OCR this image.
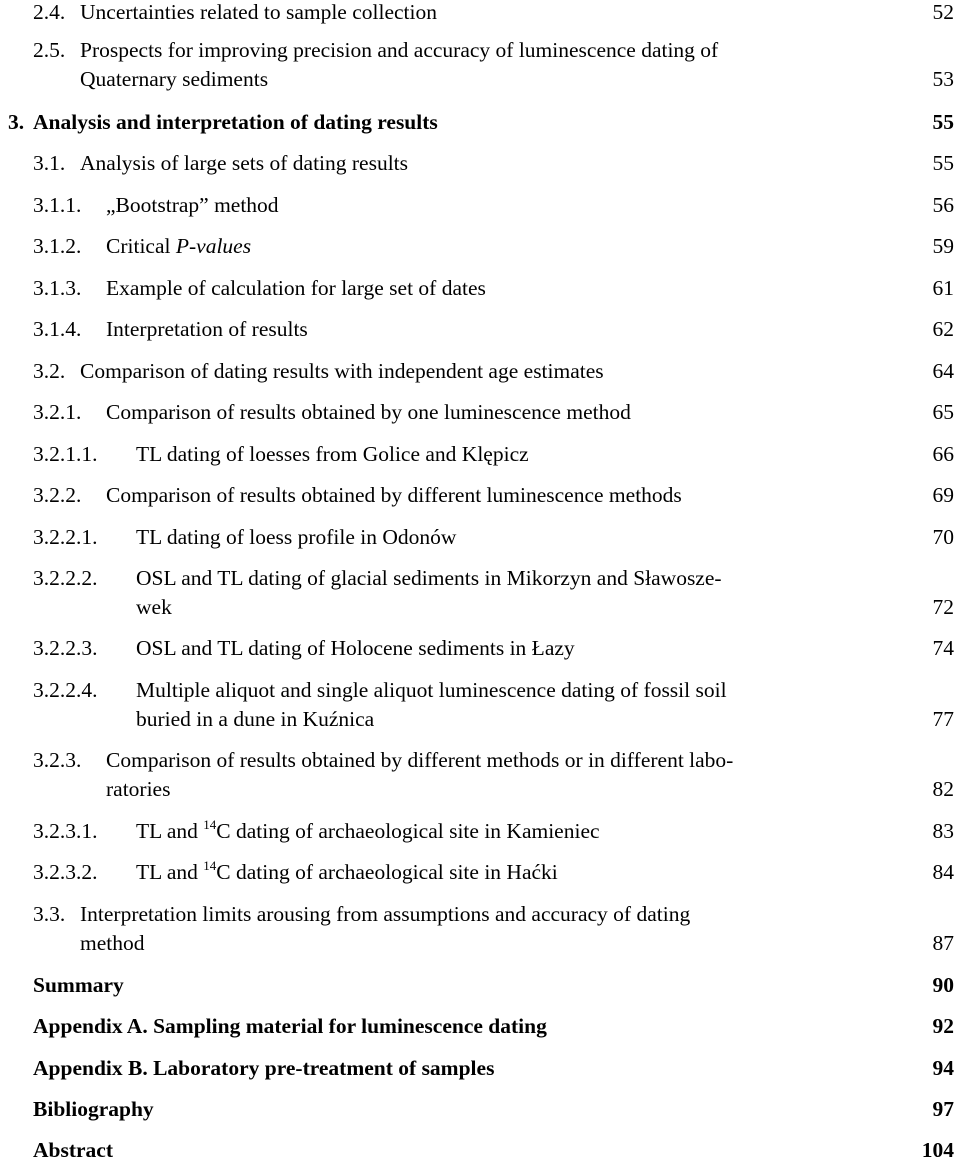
2.4. Uncertainties related to sample collection	52
2.5. Prospects for improving precision and accuracy of luminescence dating of
Quaternary sediments	53
3. Analysis and interpretation of dating results	55
3.1. Analysis of large sets of dating results	55
3.1.1. „Bootstrap” method	56
3.1.2. Critical P-values	59
3.1.3. Example of calculation for large set of dates	61
3.1.4. Interpretation of results	62
3.2. Comparison of dating results with independent age estimates	64
3.2.1. Comparison of results obtained by one luminescence method	65
3.2.1.1. TL dating of loesses from Golice and Klępicz	66
3.2.2. Comparison of results obtained by different luminescence methods	69
3.2.2.1. TL dating of loess profile in Odonów	70
3.2.2.2. OSL and TL dating of glacial sediments in Mikorzyn and Sławosze-
wek	72
3.2.2.3. OSL and TL dating of Holocene sediments in Łazy	74
3.2.2.4. Multiple aliquot and single aliquot luminescence dating of fossil soil
buried in a dune in Kuźnica	77
3.2.3. Comparison of results obtained by different methods or in different labo-
ratories	82
3.2.3.1. TL and $^{14}$C dating of archaeological site in Kamieniec	83
3.2.3.2. TL and $^{14}$C dating of archaeological site in Haćki	84
3.3. Interpretation limits arousing from assumptions and accuracy of dating
method	87
Summary	90
Appendix A. Sampling material for luminescence dating	92
Appendix B. Laboratory pre-treatment of samples	94
Bibliography	97
Abstract	104
